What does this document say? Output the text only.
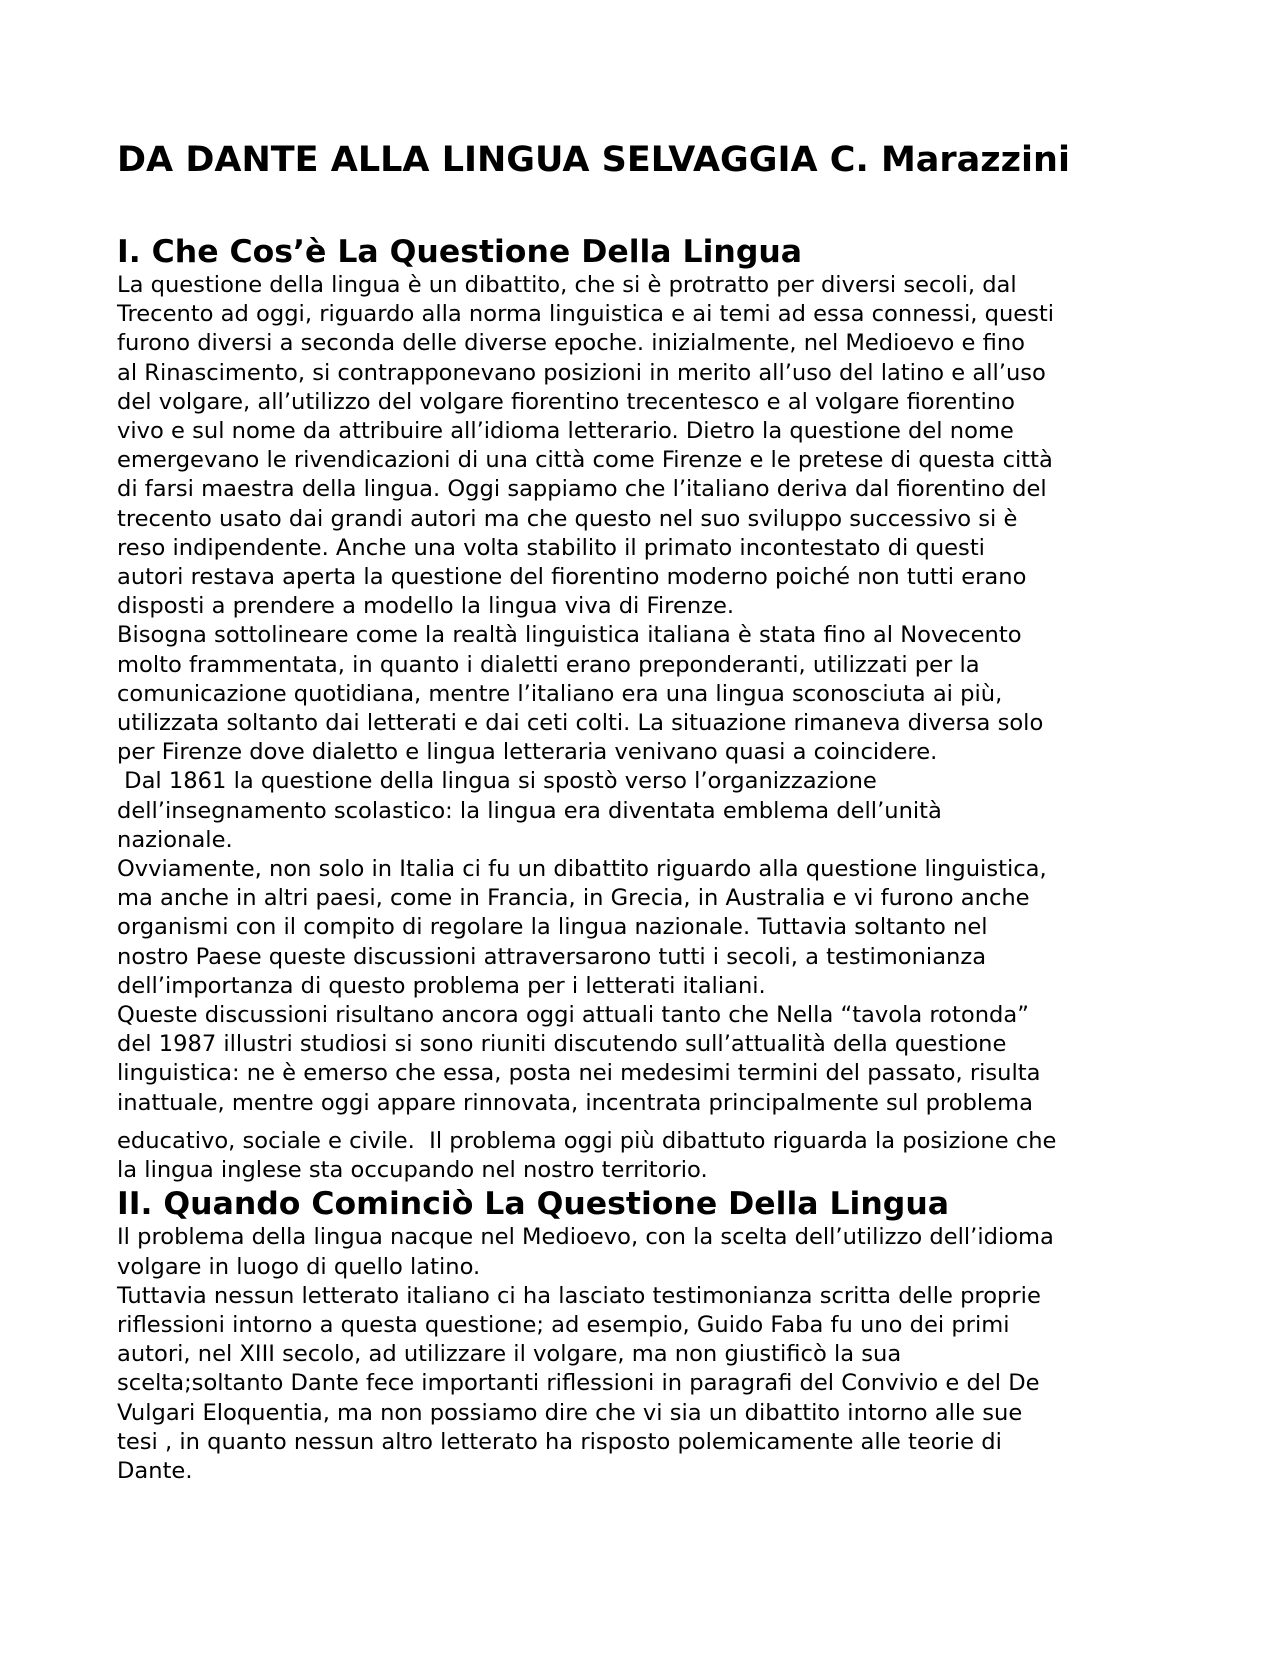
DA DANTE ALLA LINGUA SELVAGGIA C. Marazzini
I. Che Cos’è La Questione Della Lingua
La questione della lingua è un dibattito, che si è protratto per diversi secoli, dal
Trecento ad oggi, riguardo alla norma linguistica e ai temi ad essa connessi, questi
furono diversi a seconda delle diverse epoche. inizialmente, nel Medioevo e fino
al Rinascimento, si contrapponevano posizioni in merito all’uso del latino e all’uso
del volgare, all’utilizzo del volgare fiorentino trecentesco e al volgare fiorentino
vivo e sul nome da attribuire all’idioma letterario. Dietro la questione del nome
emergevano le rivendicazioni di una città come Firenze e le pretese di questa città
di farsi maestra della lingua. Oggi sappiamo che l’italiano deriva dal fiorentino del
trecento usato dai grandi autori ma che questo nel suo sviluppo successivo si è
reso indipendente. Anche una volta stabilito il primato incontestato di questi
autori restava aperta la questione del fiorentino moderno poiché non tutti erano
disposti a prendere a modello la lingua viva di Firenze.
Bisogna sottolineare come la realtà linguistica italiana è stata fino al Novecento
molto frammentata, in quanto i dialetti erano preponderanti, utilizzati per la
comunicazione quotidiana, mentre l’italiano era una lingua sconosciuta ai più,
utilizzata soltanto dai letterati e dai ceti colti. La situazione rimaneva diversa solo
per Firenze dove dialetto e lingua letteraria venivano quasi a coincidere.
Dal 1861 la questione della lingua si spostò verso l’organizzazione
dell’insegnamento scolastico: la lingua era diventata emblema dell’unità
nazionale.
Ovviamente, non solo in Italia ci fu un dibattito riguardo alla questione linguistica,
ma anche in altri paesi, come in Francia, in Grecia, in Australia e vi furono anche
organismi con il compito di regolare la lingua nazionale. Tuttavia soltanto nel
nostro Paese queste discussioni attraversarono tutti i secoli, a testimonianza
dell’importanza di questo problema per i letterati italiani.
Queste discussioni risultano ancora oggi attuali tanto che Nella “tavola rotonda”
del 1987 illustri studiosi si sono riuniti discutendo sull’attualità della questione
linguistica: ne è emerso che essa, posta nei medesimi termini del passato, risulta
inattuale, mentre oggi appare rinnovata, incentrata principalmente sul problema
educativo, sociale e civile.  Il problema oggi più dibattuto riguarda la posizione che
la lingua inglese sta occupando nel nostro territorio.
II. Quando Cominciò La Questione Della Lingua
Il problema della lingua nacque nel Medioevo, con la scelta dell’utilizzo dell’idioma
volgare in luogo di quello latino.
Tuttavia nessun letterato italiano ci ha lasciato testimonianza scritta delle proprie
riflessioni intorno a questa questione; ad esempio, Guido Faba fu uno dei primi
autori, nel XIII secolo, ad utilizzare il volgare, ma non giustificò la sua
scelta;soltanto Dante fece importanti riflessioni in paragrafi del Convivio e del De
Vulgari Eloquentia, ma non possiamo dire che vi sia un dibattito intorno alle sue
tesi , in quanto nessun altro letterato ha risposto polemicamente alle teorie di
Dante.
